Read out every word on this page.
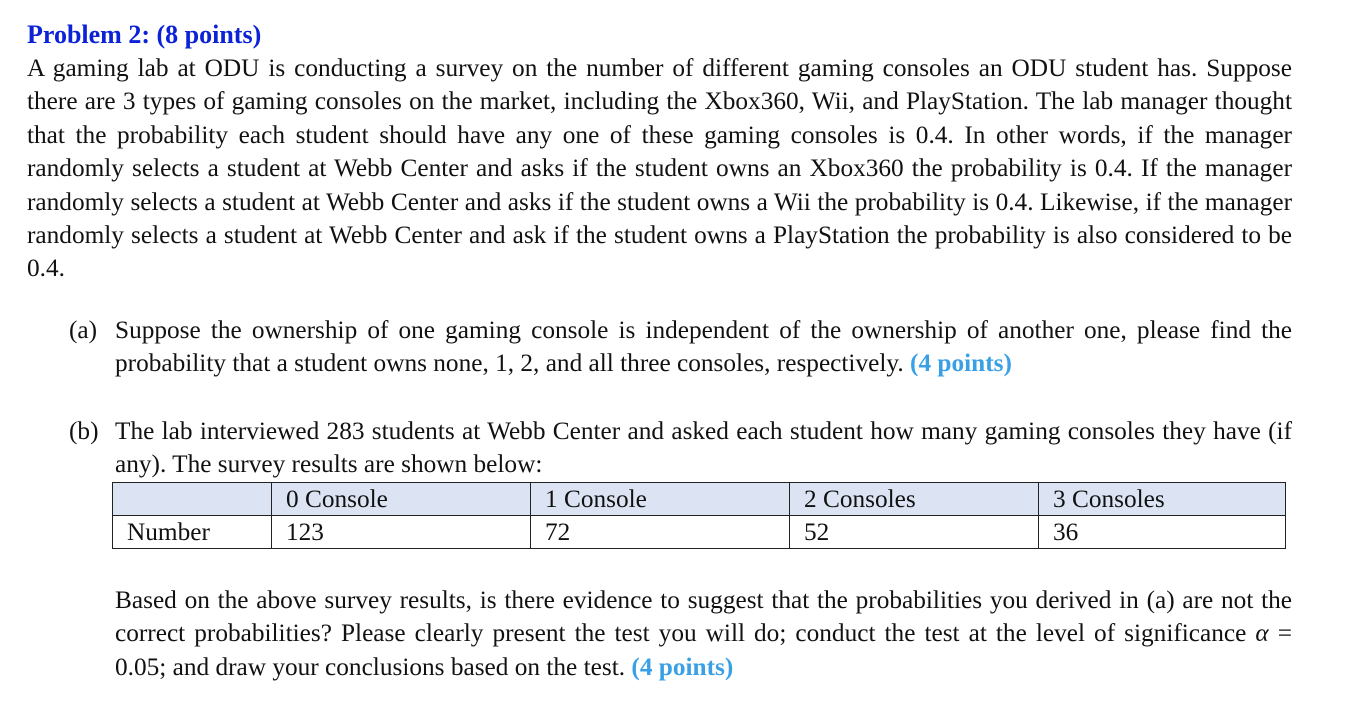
Problem 2: (8 points)

A gaming lab at ODU is conducting a survey on the number of different gaming consoles an ODU student has. Suppose there are 3 types of gaming consoles on the market, including the Xbox360, Wii, and PlayStation. The lab manager thought that the probability each student should have any one of these gaming consoles is 0.4. In other words, if the manager randomly selects a student at Webb Center and asks if the student owns an Xbox360 the probability is 0.4. If the manager randomly selects a student at Webb Center and asks if the student owns a Wii the probability is 0.4. Likewise, if the manager randomly selects a student at Webb Center and ask if the student owns a PlayStation the probability is also considered to be 0.4.

(a) Suppose the ownership of one gaming console is independent of the ownership of another one, please find the probability that a student owns none, 1, 2, and all three consoles, respectively. (4 points)
(b) The lab interviewed 283 students at Webb Center and asked each student how many gaming consoles they have (if any). The survey results are shown below:
	0 Console	1 Console	2 Consoles	3 Consoles
Number	123	72	52	36
Based on the above survey results, is there evidence to suggest that the probabilities you derived in (a) are not the correct probabilities? Please clearly present the test you will do; conduct the test at the level of significance α = 0.05; and draw your conclusions based on the test. (4 points)
